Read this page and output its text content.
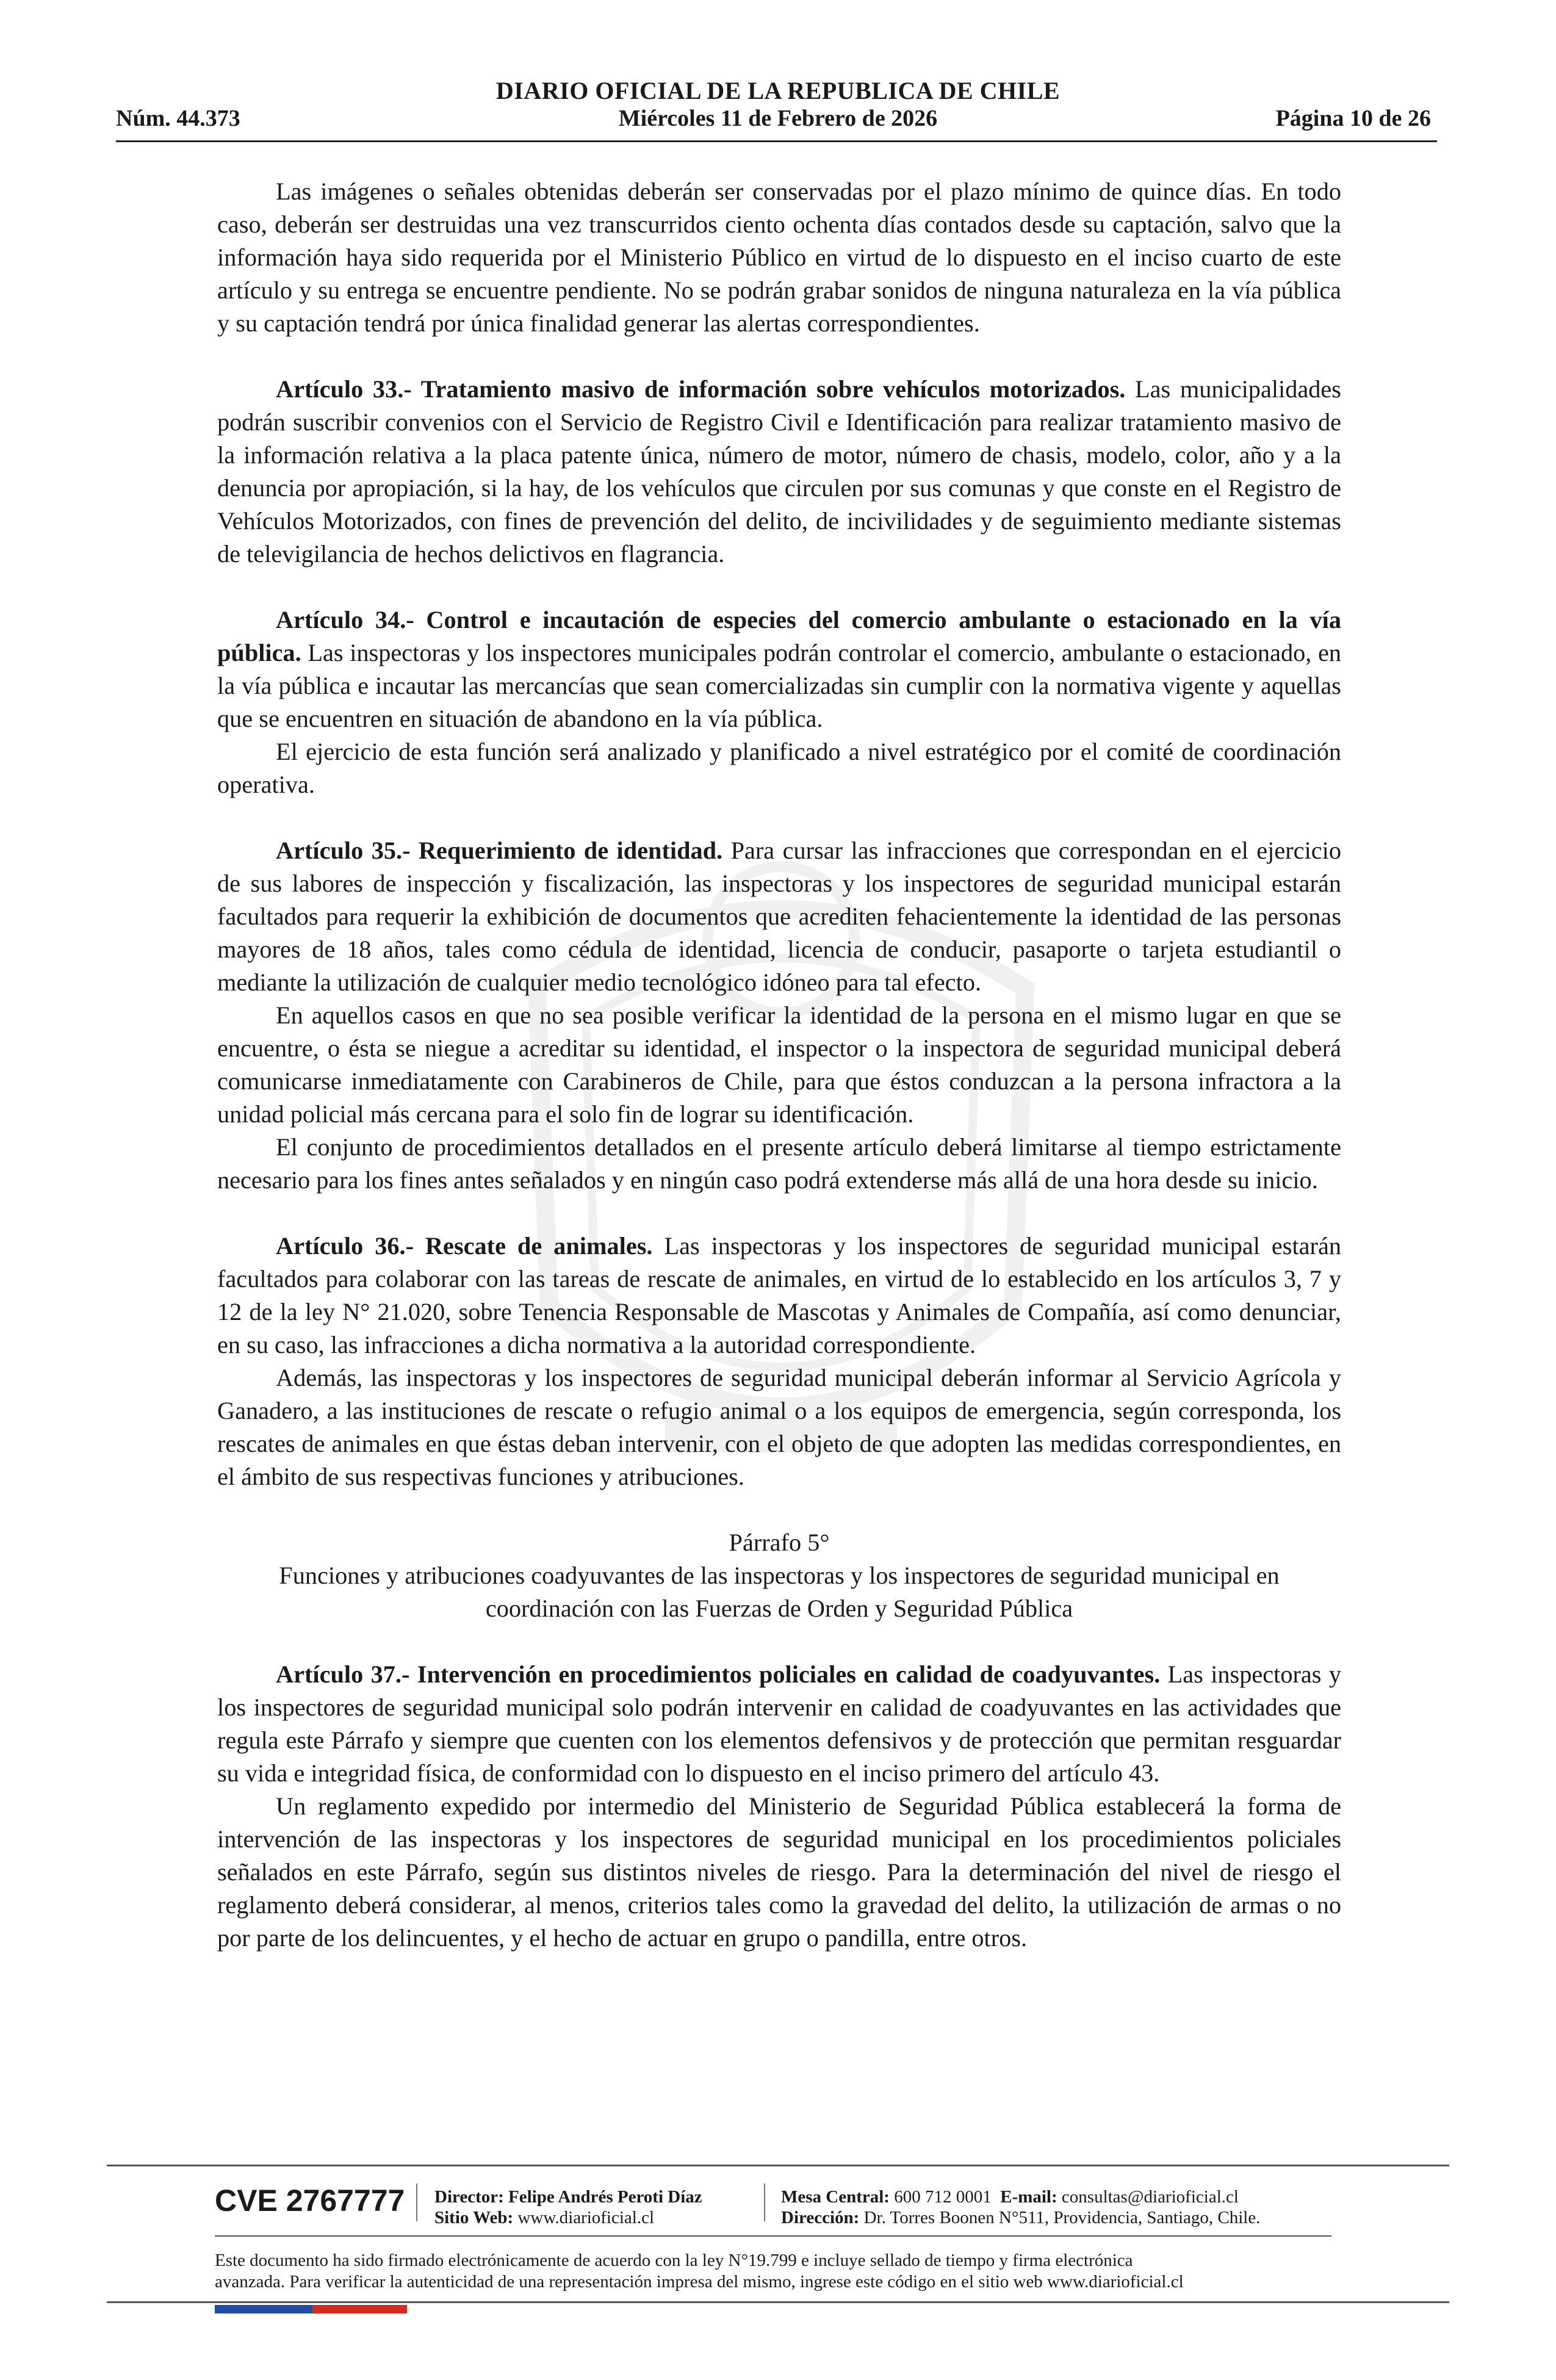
DIARIO OFICIAL DE LA REPUBLICA DE CHILE
Núm. 44.373	Miércoles 11 de Febrero de 2026	Página 10 de 26

Las imágenes o señales obtenidas deberán ser conservadas por el plazo mínimo de quince días. En todo caso, deberán ser destruidas una vez transcurridos ciento ochenta días contados desde su captación, salvo que la información haya sido requerida por el Ministerio Público en virtud de lo dispuesto en el inciso cuarto de este artículo y su entrega se encuentre pendiente. No se podrán grabar sonidos de ninguna naturaleza en la vía pública y su captación tendrá por única finalidad generar las alertas correspondientes.

Artículo 33.- Tratamiento masivo de información sobre vehículos motorizados. Las municipalidades podrán suscribir convenios con el Servicio de Registro Civil e Identificación para realizar tratamiento masivo de la información relativa a la placa patente única, número de motor, número de chasis, modelo, color, año y a la denuncia por apropiación, si la hay, de los vehículos que circulen por sus comunas y que conste en el Registro de Vehículos Motorizados, con fines de prevención del delito, de incivilidades y de seguimiento mediante sistemas de televigilancia de hechos delictivos en flagrancia.

Artículo 34.- Control e incautación de especies del comercio ambulante o estacionado en la vía pública. Las inspectoras y los inspectores municipales podrán controlar el comercio, ambulante o estacionado, en la vía pública e incautar las mercancías que sean comercializadas sin cumplir con la normativa vigente y aquellas que se encuentren en situación de abandono en la vía pública.

El ejercicio de esta función será analizado y planificado a nivel estratégico por el comité de coordinación operativa.

Artículo 35.- Requerimiento de identidad. Para cursar las infracciones que correspondan en el ejercicio de sus labores de inspección y fiscalización, las inspectoras y los inspectores de seguridad municipal estarán facultados para requerir la exhibición de documentos que acrediten fehacientemente la identidad de las personas mayores de 18 años, tales como cédula de identidad, licencia de conducir, pasaporte o tarjeta estudiantil o mediante la utilización de cualquier medio tecnológico idóneo para tal efecto.

En aquellos casos en que no sea posible verificar la identidad de la persona en el mismo lugar en que se encuentre, o ésta se niegue a acreditar su identidad, el inspector o la inspectora de seguridad municipal deberá comunicarse inmediatamente con Carabineros de Chile, para que éstos conduzcan a la persona infractora a la unidad policial más cercana para el solo fin de lograr su identificación.

El conjunto de procedimientos detallados en el presente artículo deberá limitarse al tiempo estrictamente necesario para los fines antes señalados y en ningún caso podrá extenderse más allá de una hora desde su inicio.

Artículo 36.- Rescate de animales. Las inspectoras y los inspectores de seguridad municipal estarán facultados para colaborar con las tareas de rescate de animales, en virtud de lo establecido en los artículos 3, 7 y 12 de la ley N° 21.020, sobre Tenencia Responsable de Mascotas y Animales de Compañía, así como denunciar, en su caso, las infracciones a dicha normativa a la autoridad correspondiente.

Además, las inspectoras y los inspectores de seguridad municipal deberán informar al Servicio Agrícola y Ganadero, a las instituciones de rescate o refugio animal o a los equipos de emergencia, según corresponda, los rescates de animales en que éstas deban intervenir, con el objeto de que adopten las medidas correspondientes, en el ámbito de sus respectivas funciones y atribuciones.

Párrafo 5°

Funciones y atribuciones coadyuvantes de las inspectoras y los inspectores de seguridad municipal en coordinación con las Fuerzas de Orden y Seguridad Pública

Artículo 37.- Intervención en procedimientos policiales en calidad de coadyuvantes. Las inspectoras y los inspectores de seguridad municipal solo podrán intervenir en calidad de coadyuvantes en las actividades que regula este Párrafo y siempre que cuenten con los elementos defensivos y de protección que permitan resguardar su vida e integridad física, de conformidad con lo dispuesto en el inciso primero del artículo 43.

Un reglamento expedido por intermedio del Ministerio de Seguridad Pública establecerá la forma de intervención de las inspectoras y los inspectores de seguridad municipal en los procedimientos policiales señalados en este Párrafo, según sus distintos niveles de riesgo. Para la determinación del nivel de riesgo el reglamento deberá considerar, al menos, criterios tales como la gravedad del delito, la utilización de armas o no por parte de los delincuentes, y el hecho de actuar en grupo o pandilla, entre otros.

CVE 2767777 Director: Felipe Andrés Peroti Díaz
Sitio Web: www.diarioficial.cl
Mesa Central: 600 712 0001 E-mail: consultas@diarioficial.cl
Dirección: Dr. Torres Boonen N°511, Providencia, Santiago, Chile.
Este documento ha sido firmado electrónicamente de acuerdo con la ley N°19.799 e incluye sellado de tiempo y firma electrónica
avanzada. Para verificar la autenticidad de una representación impresa del mismo, ingrese este código en el sitio web www.diarioficial.cl
